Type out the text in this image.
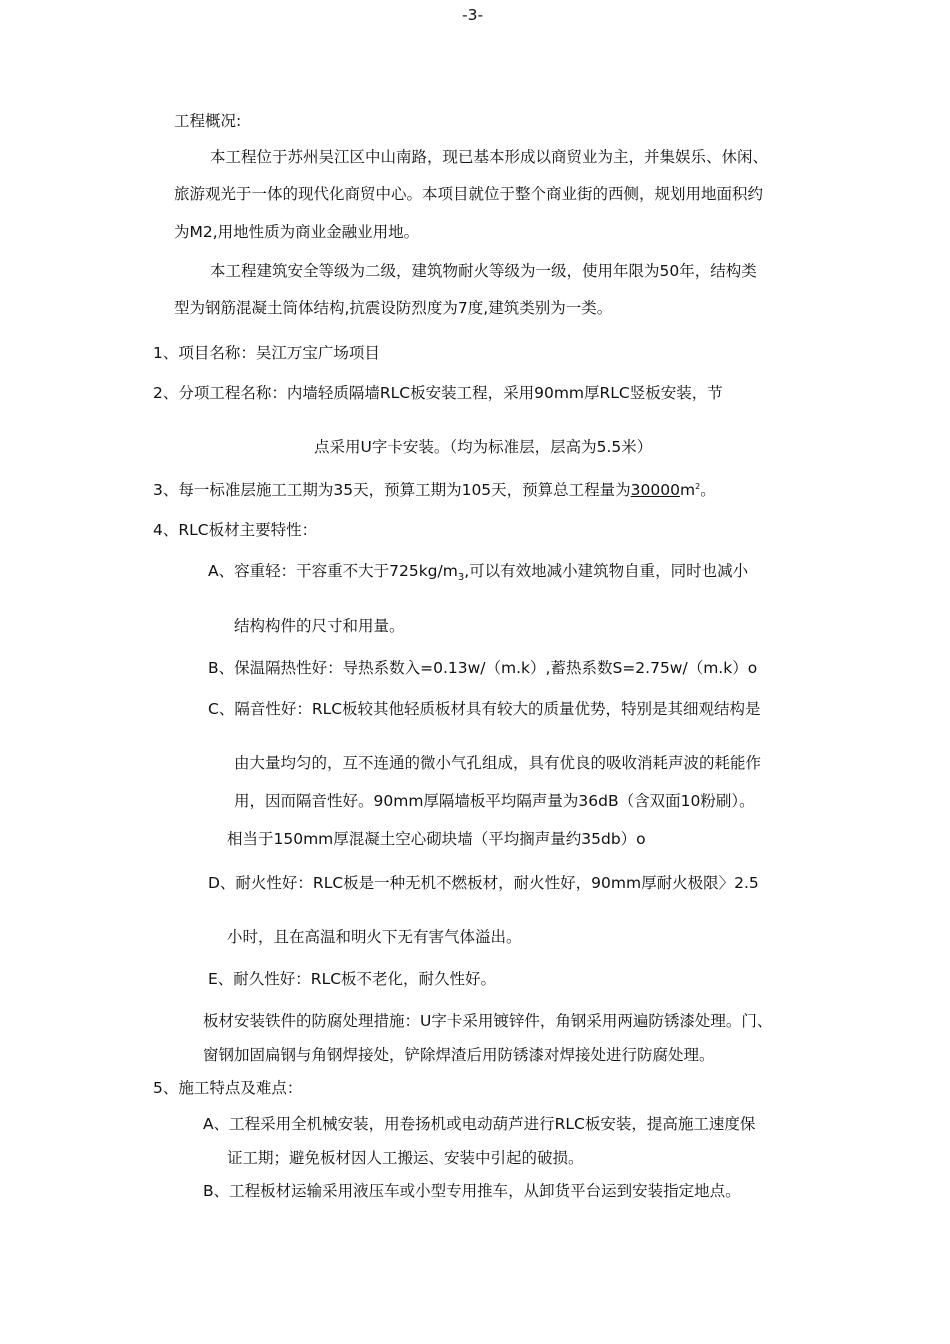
-3-
工程概况:
本工程位于苏州吴江区中山南路，现已基本形成以商贸业为主，并集娱乐、休闲、
旅游观光于一体的现代化商贸中心。本项目就位于整个商业街的西侧，规划用地面积约
为M2,用地性质为商业金融业用地。
本工程建筑安全等级为二级，建筑物耐火等级为一级，使用年限为50年，结构类
型为钢筋混凝土筒体结构,抗震设防烈度为7度,建筑类别为一类。
1、项目名称：吴江万宝广场项目
2、分项工程名称：内墙轻质隔墙RLC板安装工程，采用90mm厚RLC竖板安装，节
点采用U字卡安装。（均为标准层，层高为5.5米）
3、每一标准层施工工期为35天，预算工期为105天，预算总工程量为$30000m^2$。
4、RLC板材主要特性：
A、容重轻：干容重不大于$725kg/m_3$,可以有效地减小建筑物自重，同时也减小
结构构件的尺寸和用量。
B、保温隔热性好：导热系数入=0.13w/（m.k）,蓄热系数S=2.75w/（m.k）o
C、隔音性好：RLC板较其他轻质板材具有较大的质量优势，特别是其细观结构是
由大量均匀的，互不连通的微小气孔组成，具有优良的吸收消耗声波的耗能作
用，因而隔音性好。90mm厚隔墙板平均隔声量为36dB（含双面10粉刷）。
相当于150mm厚混凝土空心砌块墙（平均搁声量约35db）o
D、耐火性好：RLC板是一种无机不燃板材，耐火性好，90mm厚耐火极限〉2.5
小时，且在高温和明火下无有害气体溢出。
E、耐久性好：RLC板不老化，耐久性好。
板材安装铁件的防腐处理措施：U字卡采用镀锌件，角钢采用两遍防锈漆处理。门、
窗钢加固扁钢与角钢焊接处，铲除焊渣后用防锈漆对焊接处进行防腐处理。
5、施工特点及难点：
A、工程采用全机械安装，用卷扬机或电动葫芦进行RLC板安装，提高施工速度保
证工期；避免板材因人工搬运、安装中引起的破损。
B、工程板材运输采用液压车或小型专用推车，从卸货平台运到安装指定地点。
